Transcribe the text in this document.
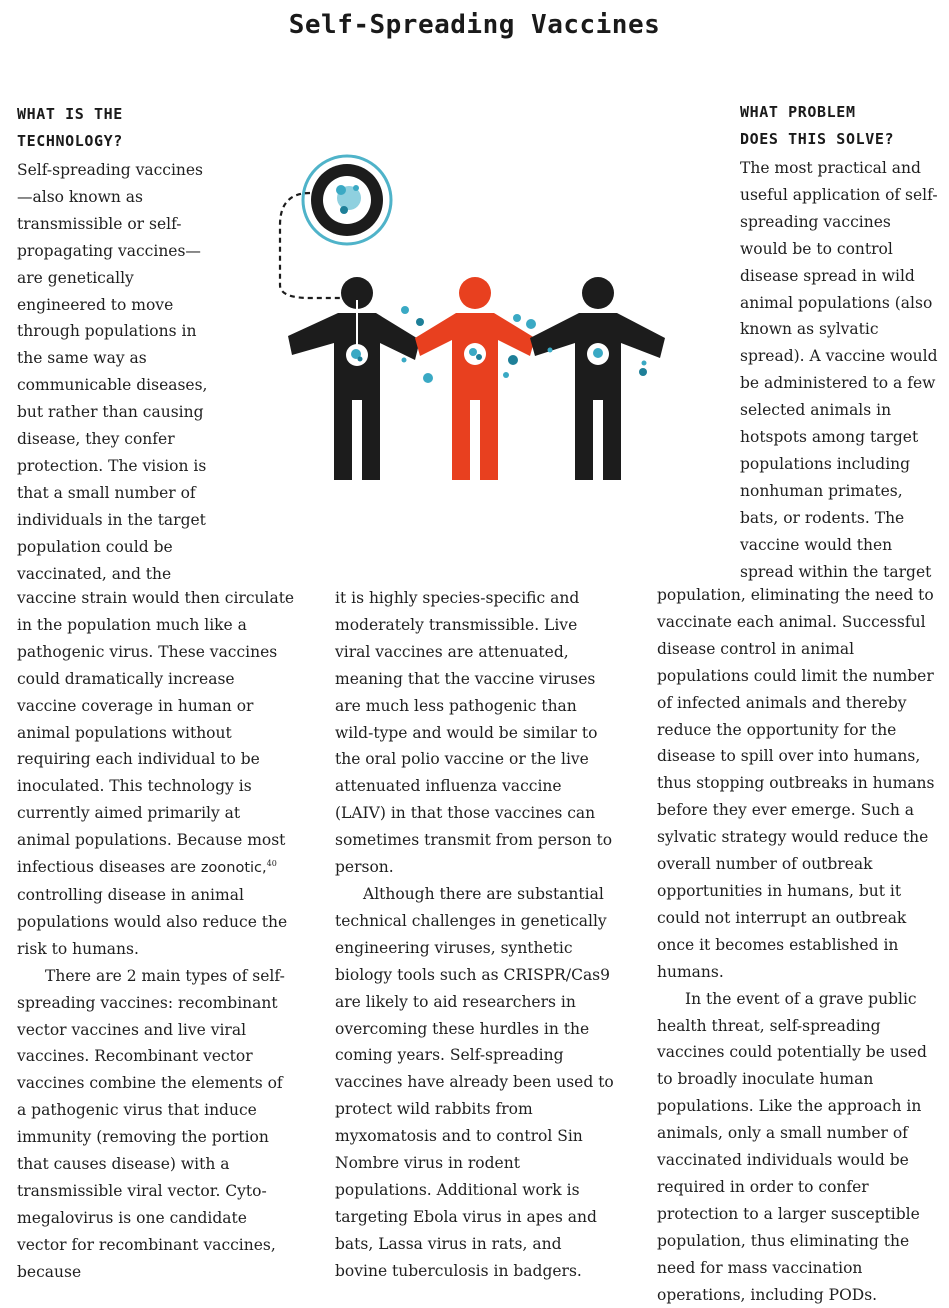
Self-Spreading Vaccines
WHAT IS THE
TECHNOLOGY?
WHAT PROBLEM
DOES THIS SOLVE?

Self-spreading vaccines—also known as transmissible or self-propagating vaccines—are genetically engineered to move through populations in the same way as communicable diseases, but rather than causing disease, they confer protection. The vision is that a small number of individuals in the target population could be vaccinated, and the

vaccine strain would then circulate in the population much like a pathogenic virus. These vaccines could dramatically increase vaccine coverage in human or animal populations without requiring each individual to be inoculated. This technology is currently aimed primarily at animal populations. Because most infectious diseases are zoonotic,$^{40}$ controlling disease in animal populations would also reduce the risk to humans.

There are 2 main types of self-spreading vaccines: recombinant vector vaccines and live viral vaccines. Recombinant vector vaccines combine the elements of a pathogenic virus that induce immunity (removing the portion that causes disease) with a transmissible viral vector. Cyto- megalovirus is one candidate vector for recombinant vaccines, because

it is highly species-specific and moderately transmissible. Live viral vaccines are attenuated, meaning that the vaccine viruses are much less pathogenic than wild-type and would be similar to the oral polio vaccine or the live attenuated influenza vaccine (LAIV) in that those vaccines can sometimes transmit from person to person.

Although there are substantial technical challenges in genetically engineering viruses, synthetic biology tools such as CRISPR/Cas9 are likely to aid researchers in overcoming these hurdles in the coming years. Self-spreading vaccines have already been used to protect wild rabbits from myxomatosis and to control Sin Nombre virus in rodent populations. Additional work is targeting Ebola virus in apes and bats, Lassa virus in rats, and bovine tuberculosis in badgers.

The most practical and useful application of self-spreading vaccines would be to control disease spread in wild animal populations (also known as sylvatic spread). A vaccine would be administered to a few selected animals in hotspots among target populations including nonhuman primates, bats, or rodents. The vaccine would then spread within the target

population, eliminating the need to vaccinate each animal. Successful disease control in animal populations could limit the number of infected animals and thereby reduce the opportunity for the disease to spill over into humans, thus stopping outbreaks in humans before they ever emerge. Such a sylvatic strategy would reduce the overall number of outbreak opportunities in humans, but it could not interrupt an outbreak once it becomes established in humans.

In the event of a grave public health threat, self-spreading vaccines could potentially be used to broadly inoculate human populations. Like the approach in animals, only a small number of vaccinated individuals would be required in order to confer protection to a larger susceptible population, thus eliminating the need for mass vaccination operations, including PODs.
